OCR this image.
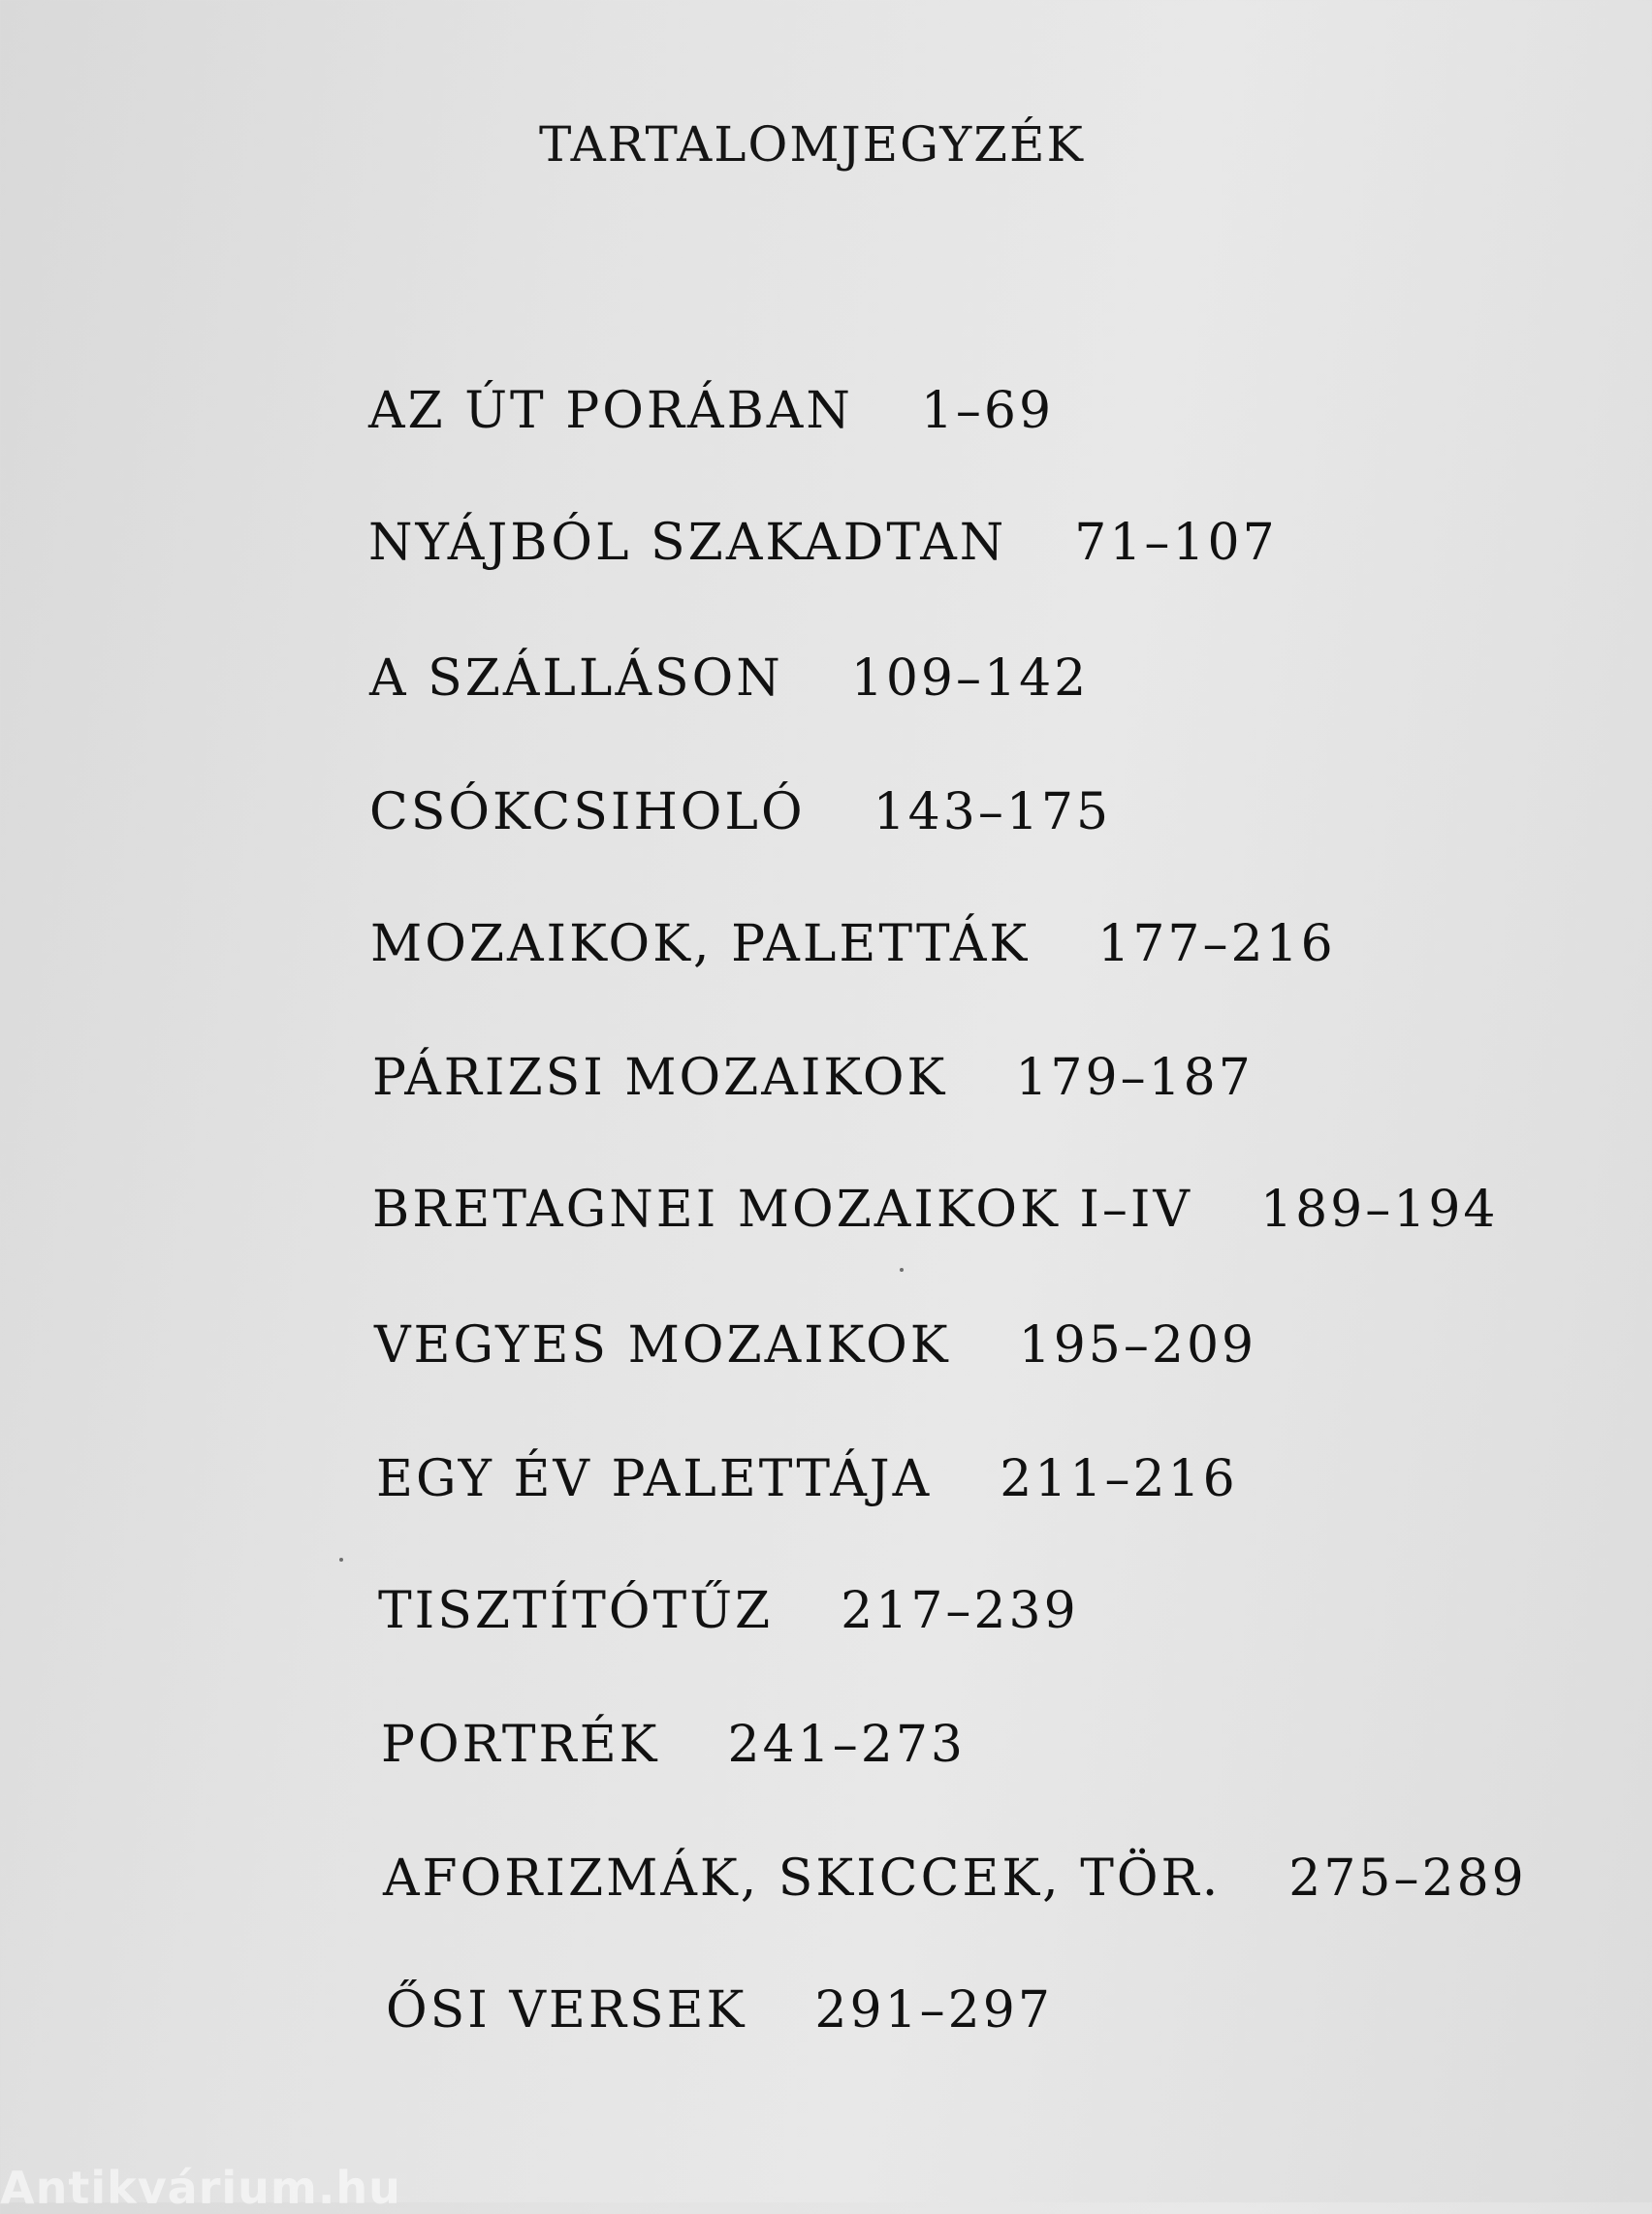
TARTALOMJEGYZÉK
AZ ÚT PORÁBAN 1–69
NYÁJBÓL SZAKADTAN 71–107
A SZÁLLÁSON 109–142
CSÓKCSIHOLÓ 143–175
MOZAIKOK, PALETTÁK 177–216
PÁRIZSI MOZAIKOK 179–187
BRETAGNEI MOZAIKOK I–IV 189–194
VEGYES MOZAIKOK 195–209
EGY ÉV PALETTÁJA 211–216
TISZTÍTÓTŰZ 217–239
PORTRÉK 241–273
AFORIZMÁK, SKICCEK, TÖR. 275–289
ŐSI VERSEK 291–297
Antikvárium.hu
